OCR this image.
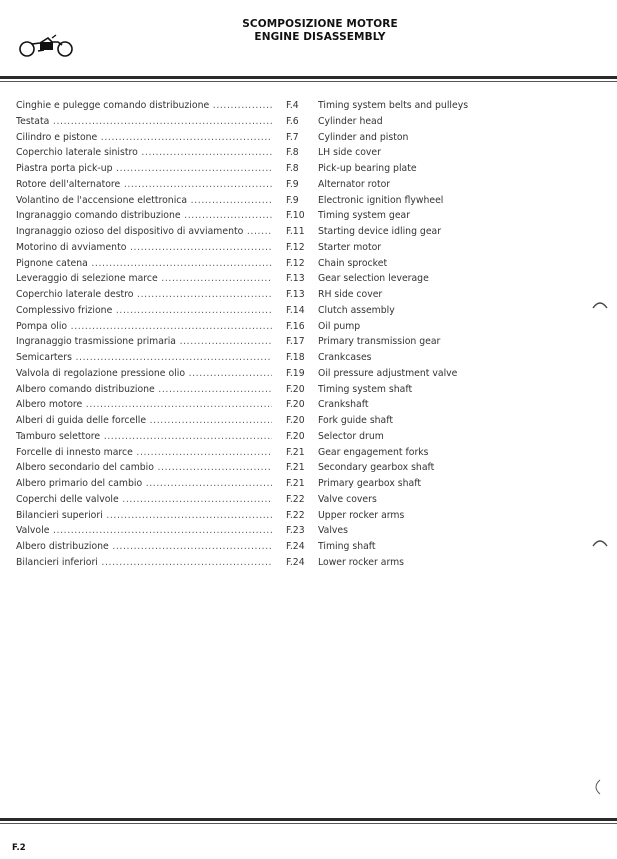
SCOMPOSIZIONE MOTORE
ENGINE DISASSEMBLY
Cinghie e pulegge comando distribuzione .....	F.4 Timing system belts and pulleys
Testata .....	F.6 Cylinder head
Cilindro e pistone .....	F.7 Cylinder and piston
Coperchio laterale sinistro .....	F.8 LH side cover
Piastra porta pick-up .....	F.8 Pick-up bearing plate
Rotore dell'alternatore .....	F.9 Alternator rotor
Volantino de l'accensione elettronica .....	F.9 Electronic ignition flywheel
Ingranaggio comando distribuzione .....	F.10 Timing system gear
Ingranaggio ozioso del dispositivo di avviamento .....	F.11 Starting device idling gear
Motorino di avviamento .....	F.12 Starter motor
Pignone catena .....	F.12 Chain sprocket
Leveraggio di selezione marce .....	F.13 Gear selection leverage
Coperchio laterale destro .....	F.13 RH side cover
Complessivo frizione .....	F.14 Clutch assembly
Pompa olio .....	F.16 Oil pump
Ingranaggio trasmissione primaria .....	F.17 Primary transmission gear
Semicarters .....	F.18 Crankcases
Valvola di regolazione pressione olio .....	F.19 Oil pressure adjustment valve
Albero comando distribuzione .....	F.20 Timing system shaft
Albero motore .....	F.20 Crankshaft
Alberi di guida delle forcelle .....	F.20 Fork guide shaft
Tamburo selettore .....	F.20 Selector drum
Forcelle di innesto marce .....	F.21 Gear engagement forks
Albero secondario del cambio .....	F.21 Secondary gearbox shaft
Albero primario del cambio .....	F.21 Primary gearbox shaft
Coperchi delle valvole .....	F.22 Valve covers
Bilancieri superiori .....	F.22 Upper rocker arms
Valvole .....	F.23 Valves
Albero distribuzione .....	F.24 Timing shaft
Bilancieri inferiori .....	F.24 Lower rocker arms
F.2
